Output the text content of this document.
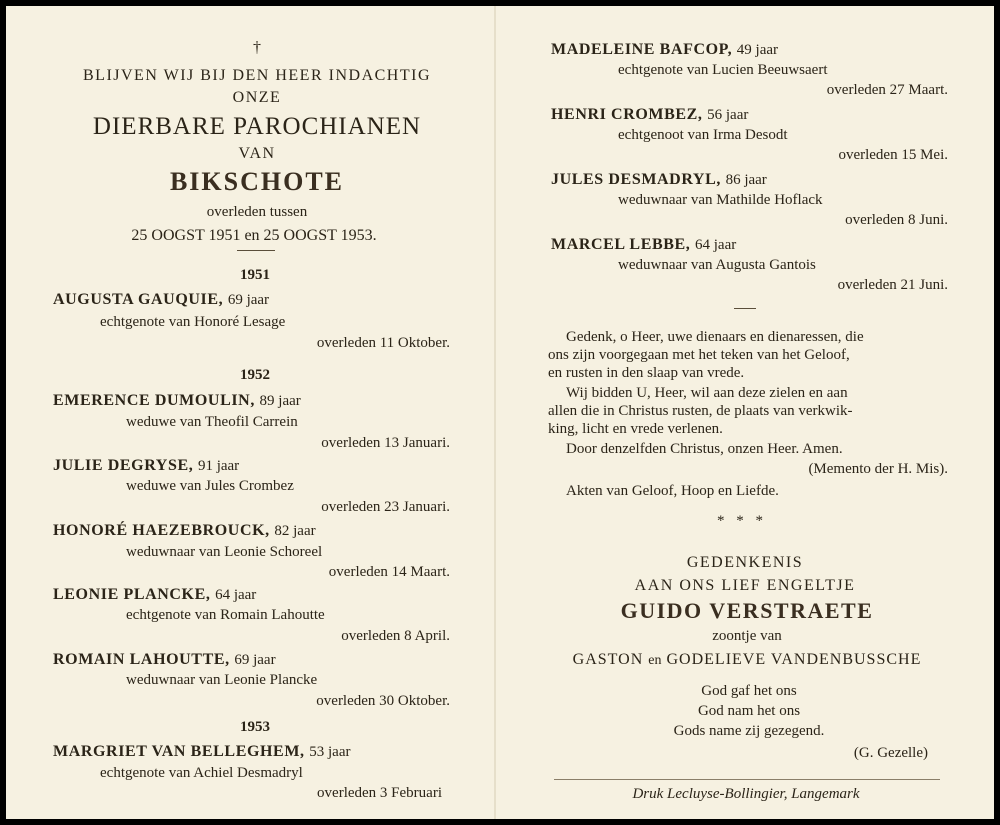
†
BLIJVEN WIJ BIJ DEN HEER INDACHTIG
ONZE
DIERBARE PAROCHIANEN
VAN
BIKSCHOTE
overleden tussen
25 OOGST 1951 en 25 OOGST 1953.
1951
AUGUSTA GAUQUIE, 69 jaar
echtgenote van Honoré Lesage
overleden 11 Oktober.
1952
EMERENCE DUMOULIN, 89 jaar
weduwe van Theofil Carrein
overleden 13 Januari.
JULIE DEGRYSE, 91 jaar
weduwe van Jules Crombez
overleden 23 Januari.
HONORÉ HAEZEBROUCK, 82 jaar
weduwnaar van Leonie Schoreel
overleden 14 Maart.
LEONIE PLANCKE, 64 jaar
echtgenote van Romain Lahoutte
overleden 8 April.
ROMAIN LAHOUTTE, 69 jaar
weduwnaar van Leonie Plancke
overleden 30 Oktober.
1953
MARGRIET VAN BELLEGHEM, 53 jaar
echtgenote van Achiel Desmadryl
overleden 3 Februari
MADELEINE BAFCOP, 49 jaar
echtgenote van Lucien Beeuwsaert
overleden 27 Maart.
HENRI CROMBEZ, 56 jaar
echtgenoot van Irma Desodt
overleden 15 Mei.
JULES DESMADRYL, 86 jaar
weduwnaar van Mathilde Hoflack
overleden 8 Juni.
MARCEL LEBBE, 64 jaar
weduwnaar van Augusta Gantois
overleden 21 Juni.
Gedenk, o Heer, uwe dienaars en dienaressen, die
ons zijn voorgegaan met het teken van het Geloof,
en rusten in den slaap van vrede.
Wij bidden U, Heer, wil aan deze zielen en aan
allen die in Christus rusten, de plaats van verkwik-
king, licht en vrede verlenen.
Door denzelfden Christus, onzen Heer. Amen.
(Memento der H. Mis).
Akten van Geloof, Hoop en Liefde.
* * *
GEDENKENIS
AAN ONS LIEF ENGELTJE
GUIDO VERSTRAETE
zoontje van
GASTON en GODELIEVE VANDENBUSSCHE
God gaf het ons
God nam het ons
Gods name zij gezegend.
(G. Gezelle)
Druk Lecluyse-Bollingier, Langemark
